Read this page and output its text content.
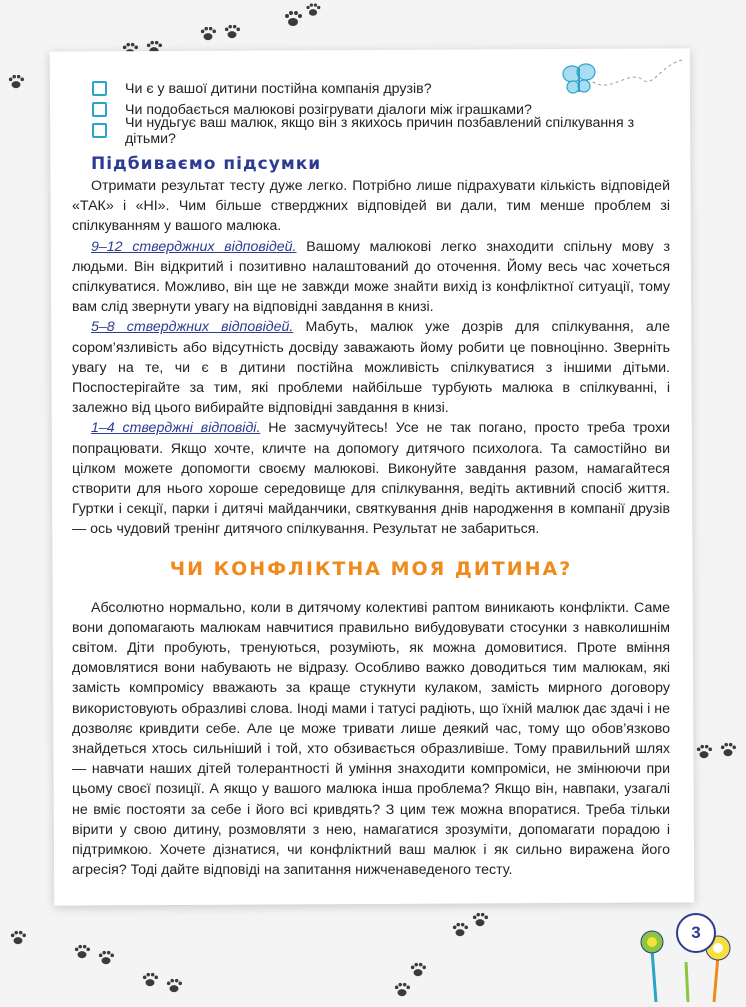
Чи є у вашої дитини постійна компанія друзів?
Чи подобається малюкові розігрувати діалоги між іграшками?
Чи нудьгує ваш малюк, якщо він з якихось причин позбавлений спілкування з дітьми?
Підбиваємо підсумки

Отримати результат тесту дуже легко. Потрібно лише підрахувати кількість відповідей «ТАК» і «НІ». Чим більше стверджних відповідей ви дали, тим менше проблем зі спілкуванням у вашого малюка.

9–12 стверджних відповідей. Вашому малюкові легко знаходити спільну мову з людьми. Він відкритий і позитивно налаштований до оточення. Йому весь час хочеться спілкуватися. Можливо, він ще не завжди може знайти вихід із конфліктної ситуації, тому вам слід звернути увагу на відповідні завдання в книзі.

5–8 стверджних відповідей. Мабуть, малюк уже дозрів для спілкування, але сором’язливість або відсутність досвіду заважають йому робити це повноцінно. Зверніть увагу на те, чи є в дитини постійна можливість спілкуватися з іншими дітьми. Поспостерігайте за тим, які проблеми найбільше турбують малюка в спілкуванні, і залежно від цього вибирайте відповідні завдання в книзі.

1–4 стверджні відповіді. Не засмучуйтесь! Усе не так погано, просто треба трохи попрацювати. Якщо хочте, кличте на допомогу дитячого психолога. Та самостійно ви цілком можете допомогти своєму малюкові. Виконуйте завдання разом, намагайтеся створити для нього хороше середовище для спілкування, ведіть активний спосіб життя. Гуртки і секції, парки і дитячі майданчики, святкування днів народження в компанії друзів — ось чудовий тренінг дитячого спілкування. Результат не забариться.

ЧИ КОНФЛІКТНА МОЯ ДИТИНА?

Абсолютно нормально, коли в дитячому колективі раптом виникають конфлікти. Саме вони допомагають малюкам навчитися правильно вибудовувати стосунки з навколишнім світом. Діти пробують, тренуються, розуміють, як можна домовитися. Проте вміння домовлятися вони набувають не відразу. Особливо важко доводиться тим малюкам, які замість компромісу вважають за краще стукнути кулаком, замість мирного договору використовують образливі слова. Іноді мами і татусі радіють, що їхній малюк дає здачі і не дозволяє кривдити себе. Але це може тривати лише деякий час, тому що обов’язково знайдеться хтось сильніший і той, хто обзивається образливіше. Тому правильний шлях — навчати наших дітей толерантності й уміння знаходити компроміси, не змінюючи при цьому своєї позиції. А якщо у вашого малюка інша проблема? Якщо він, навпаки, узагалі не вміє постояти за себе і його всі кривдять? З цим теж можна впоратися. Треба тільки вірити у свою дитину, розмовляти з нею, намагатися зрозуміти, допомагати порадою і підтримкою. Хочете дізнатися, чи конфліктний ваш малюк і як сильно виражена його агресія? Тоді дайте відповіді на запитання нижченаведеного тесту.

3
